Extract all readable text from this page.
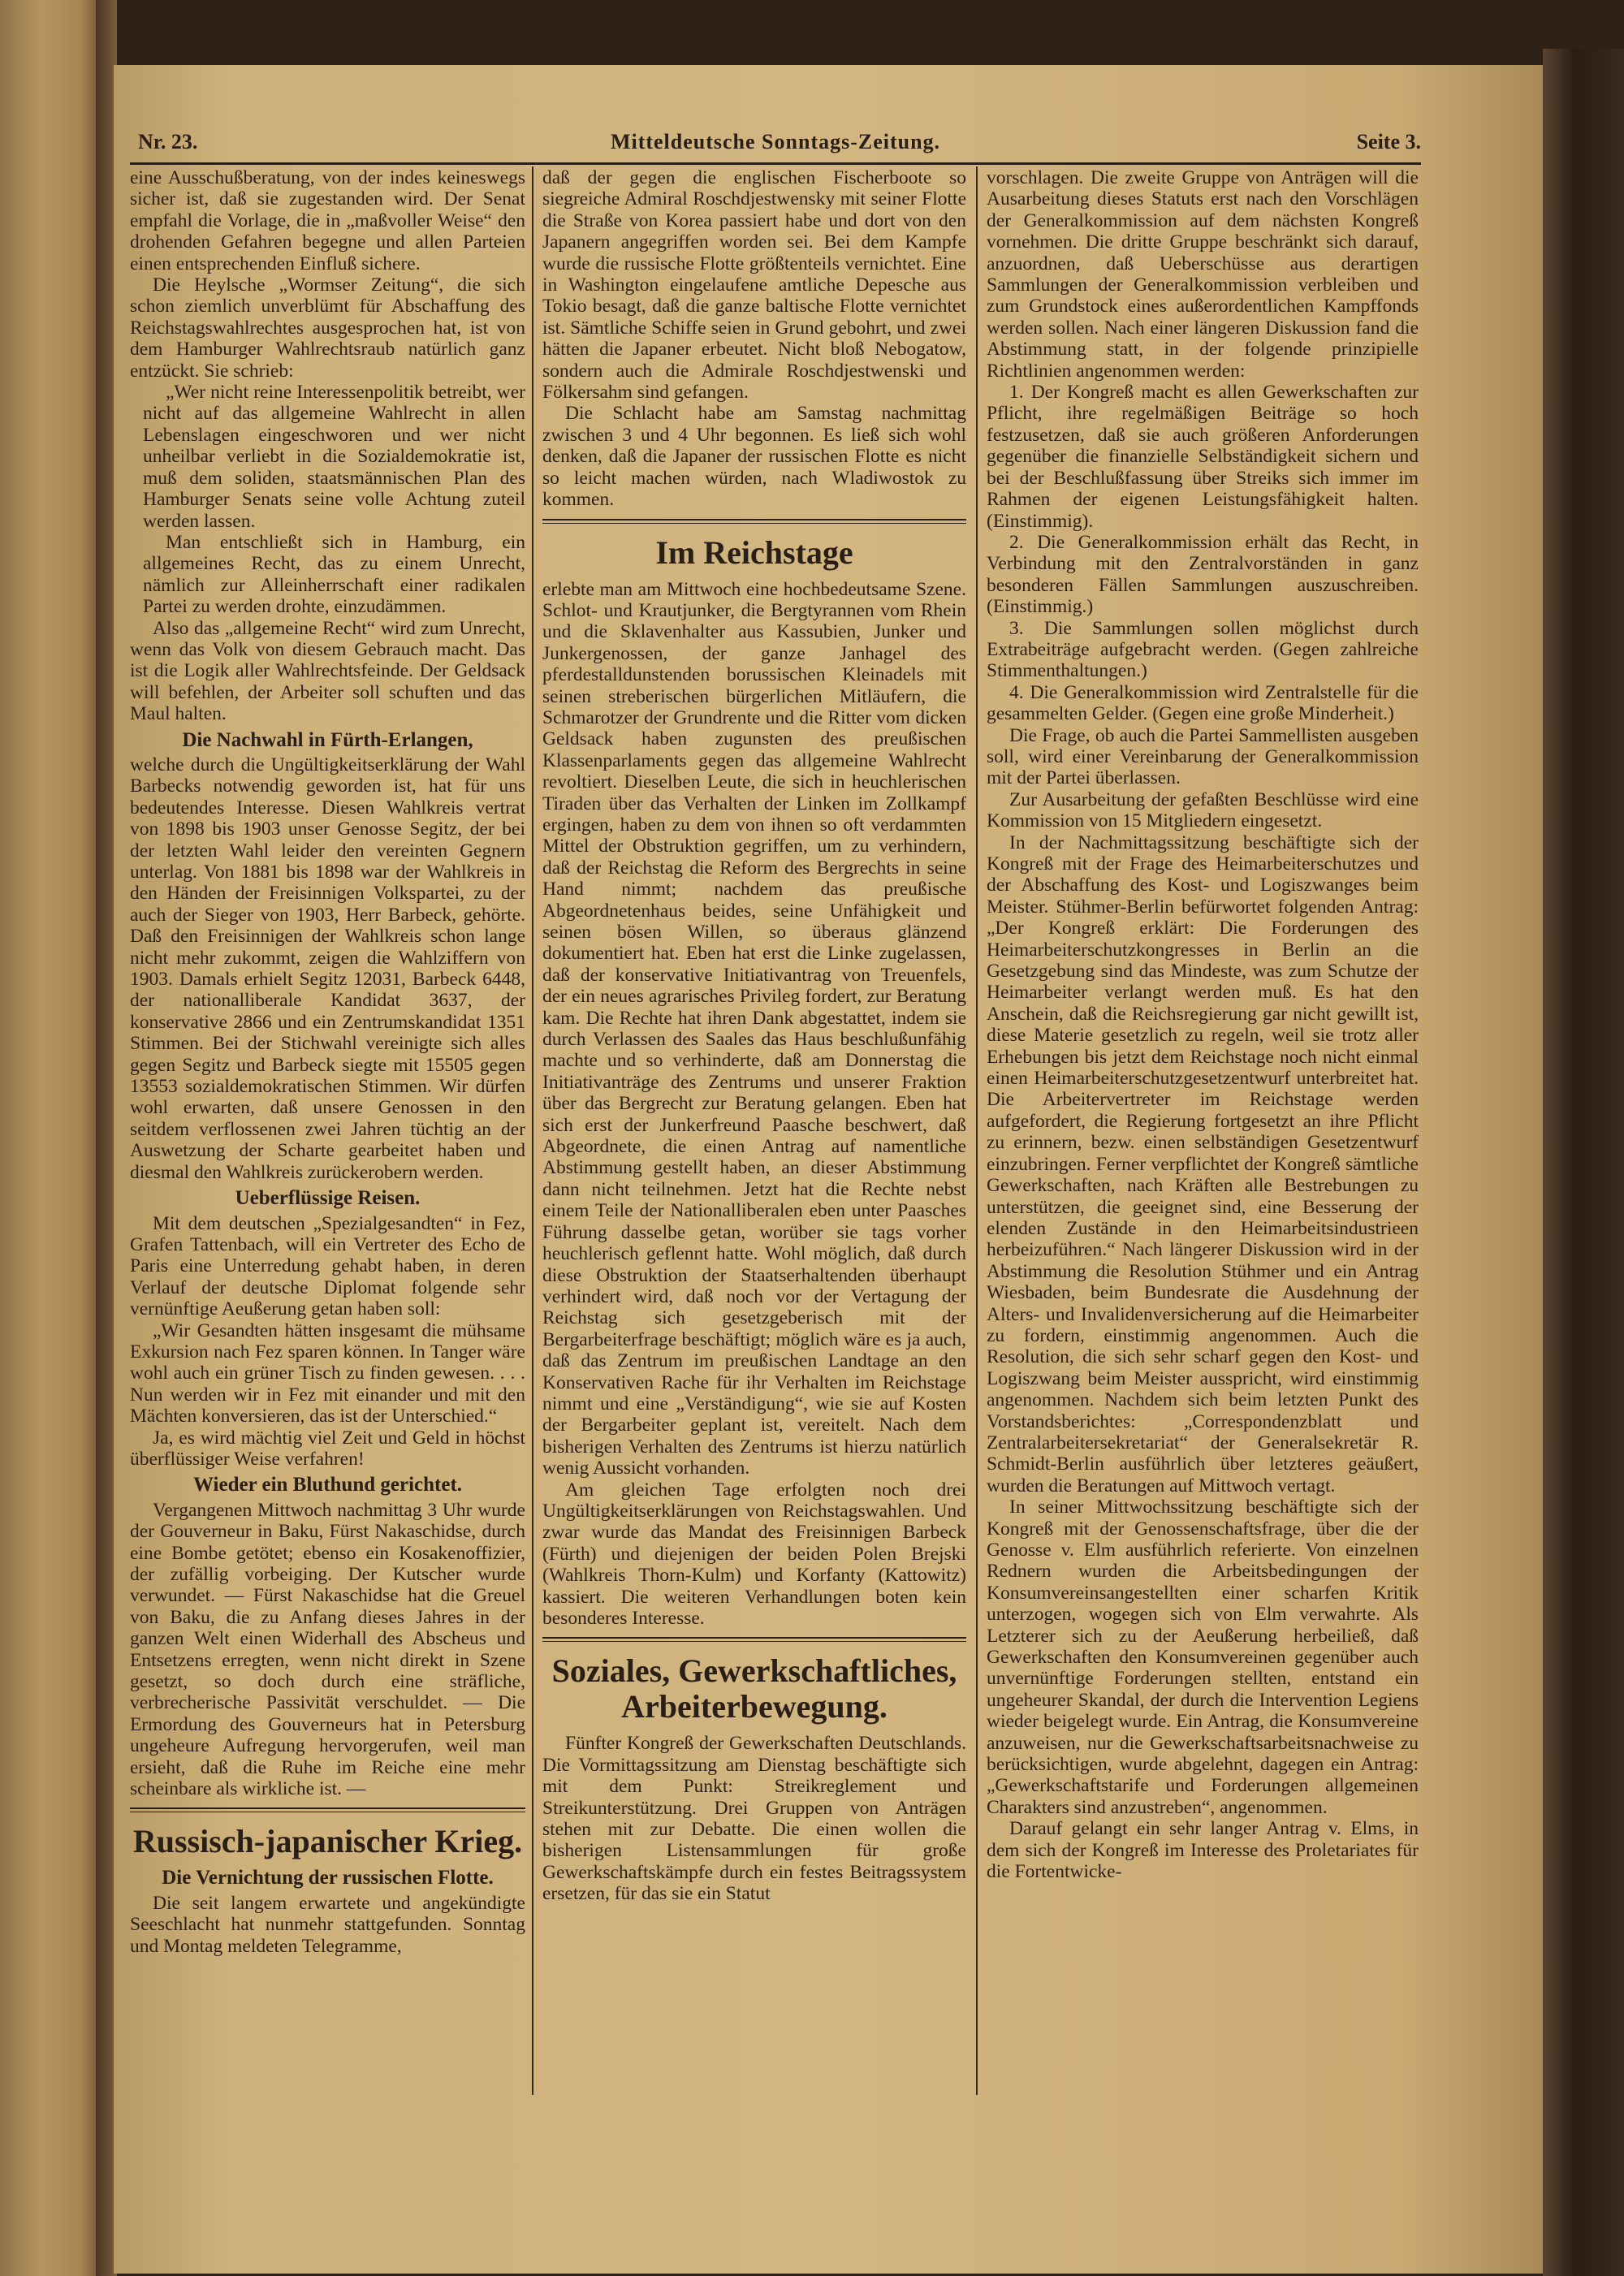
Nr. 23.	Mitteldeutsche Sonntags-Zeitung.	Seite 3.

eine Ausschußberatung, von der indes keineswegs sicher ist, daß sie zugestanden wird. Der Senat empfahl die Vorlage, die in „maßvoller Weise“ den drohenden Gefahren begegne und allen Parteien einen entsprechenden Einfluß sichere.

Die Heylsche „Wormser Zeitung“, die sich schon ziemlich unverblümt für Abschaffung des Reichstagswahlrechtes ausgesprochen hat, ist von dem Hamburger Wahlrechtsraub natürlich ganz entzückt. Sie schrieb:

„Wer nicht reine Interessenpolitik betreibt, wer nicht auf das allgemeine Wahlrecht in allen Lebenslagen eingeschworen und wer nicht unheilbar verliebt in die Sozialdemokratie ist, muß dem soliden, staatsmännischen Plan des Hamburger Senats seine volle Achtung zuteil werden lassen.

Man entschließt sich in Hamburg, ein allgemeines Recht, das zu einem Unrecht, nämlich zur Alleinherrschaft einer radikalen Partei zu werden drohte, einzudämmen.

Also das „allgemeine Recht“ wird zum Unrecht, wenn das Volk von diesem Gebrauch macht. Das ist die Logik aller Wahlrechtsfeinde. Der Geldsack will befehlen, der Arbeiter soll schuften und das Maul halten.

Die Nachwahl in Fürth-Erlangen,

welche durch die Ungültigkeitserklärung der Wahl Barbecks notwendig geworden ist, hat für uns bedeutendes Interesse. Diesen Wahlkreis vertrat von 1898 bis 1903 unser Genosse Segitz, der bei der letzten Wahl leider den vereinten Gegnern unterlag. Von 1881 bis 1898 war der Wahlkreis in den Händen der Freisinnigen Volkspartei, zu der auch der Sieger von 1903, Herr Barbeck, gehörte. Daß den Freisinnigen der Wahlkreis schon lange nicht mehr zukommt, zeigen die Wahlziffern von 1903. Damals erhielt Segitz 12031, Barbeck 6448, der nationalliberale Kandidat 3637, der konservative 2866 und ein Zentrumskandidat 1351 Stimmen. Bei der Stichwahl vereinigte sich alles gegen Segitz und Barbeck siegte mit 15505 gegen 13553 sozialdemokratischen Stimmen. Wir dürfen wohl erwarten, daß unsere Genossen in den seitdem verflossenen zwei Jahren tüchtig an der Auswetzung der Scharte gearbeitet haben und diesmal den Wahlkreis zurückerobern werden.

Ueberflüssige Reisen.

Mit dem deutschen „Spezialgesandten“ in Fez, Grafen Tattenbach, will ein Vertreter des Echo de Paris eine Unterredung gehabt haben, in deren Verlauf der deutsche Diplomat folgende sehr vernünftige Aeußerung getan haben soll:

„Wir Gesandten hätten insgesamt die mühsame Exkursion nach Fez sparen können. In Tanger wäre wohl auch ein grüner Tisch zu finden gewesen. . . . Nun werden wir in Fez mit einander und mit den Mächten konversieren, das ist der Unterschied.“

Ja, es wird mächtig viel Zeit und Geld in höchst überflüssiger Weise verfahren!

Wieder ein Bluthund gerichtet.

Vergangenen Mittwoch nachmittag 3 Uhr wurde der Gouverneur in Baku, Fürst Nakaschidse, durch eine Bombe getötet; ebenso ein Kosakenoffizier, der zufällig vorbeiging. Der Kutscher wurde verwundet. — Fürst Nakaschidse hat die Greuel von Baku, die zu Anfang dieses Jahres in der ganzen Welt einen Widerhall des Abscheus und Entsetzens erregten, wenn nicht direkt in Szene gesetzt, so doch durch eine sträfliche, verbrecherische Passivität verschuldet. — Die Ermordung des Gouverneurs hat in Petersburg ungeheure Aufregung hervorgerufen, weil man ersieht, daß die Ruhe im Reiche eine mehr scheinbare als wirkliche ist. —

Russisch-japanischer Krieg.
Die Vernichtung der russischen Flotte.

Die seit langem erwartete und angekündigte Seeschlacht hat nunmehr stattgefunden. Sonntag und Montag meldeten Telegramme,

daß der gegen die englischen Fischerboote so siegreiche Admiral Roschdjestwensky mit seiner Flotte die Straße von Korea passiert habe und dort von den Japanern angegriffen worden sei. Bei dem Kampfe wurde die russische Flotte größtenteils vernichtet. Eine in Washington eingelaufene amtliche Depesche aus Tokio besagt, daß die ganze baltische Flotte vernichtet ist. Sämtliche Schiffe seien in Grund gebohrt, und zwei hätten die Japaner erbeutet. Nicht bloß Nebogatow, sondern auch die Admirale Roschdjestwenski und Fölkersahm sind gefangen.

Die Schlacht habe am Samstag nachmittag zwischen 3 und 4 Uhr begonnen. Es ließ sich wohl denken, daß die Japaner der russischen Flotte es nicht so leicht machen würden, nach Wladiwostok zu kommen.

Im Reichstage

erlebte man am Mittwoch eine hochbedeutsame Szene. Schlot- und Krautjunker, die Bergtyrannen vom Rhein und die Sklavenhalter aus Kassubien, Junker und Junkergenossen, der ganze Janhagel des pferdestalldunstenden borussischen Kleinadels mit seinen streberischen bürgerlichen Mitläufern, die Schmarotzer der Grundrente und die Ritter vom dicken Geldsack haben zugunsten des preußischen Klassenparlaments gegen das allgemeine Wahlrecht revoltiert. Dieselben Leute, die sich in heuchlerischen Tiraden über das Verhalten der Linken im Zollkampf ergingen, haben zu dem von ihnen so oft verdammten Mittel der Obstruktion gegriffen, um zu verhindern, daß der Reichstag die Reform des Bergrechts in seine Hand nimmt; nachdem das preußische Abgeordnetenhaus beides, seine Unfähigkeit und seinen bösen Willen, so überaus glänzend dokumentiert hat. Eben hat erst die Linke zugelassen, daß der konservative Initiativantrag von Treuenfels, der ein neues agrarisches Privileg fordert, zur Beratung kam. Die Rechte hat ihren Dank abgestattet, indem sie durch Verlassen des Saales das Haus beschlußunfähig machte und so verhinderte, daß am Donnerstag die Initiativanträge des Zentrums und unserer Fraktion über das Bergrecht zur Beratung gelangen. Eben hat sich erst der Junkerfreund Paasche beschwert, daß Abgeordnete, die einen Antrag auf namentliche Abstimmung gestellt haben, an dieser Abstimmung dann nicht teilnehmen. Jetzt hat die Rechte nebst einem Teile der Nationalliberalen eben unter Paasches Führung dasselbe getan, worüber sie tags vorher heuchlerisch geflennt hatte. Wohl möglich, daß durch diese Obstruktion der Staatserhaltenden überhaupt verhindert wird, daß noch vor der Vertagung der Reichstag sich gesetzgeberisch mit der Bergarbeiterfrage beschäftigt; möglich wäre es ja auch, daß das Zentrum im preußischen Landtage an den Konservativen Rache für ihr Verhalten im Reichstage nimmt und eine „Verständigung“, wie sie auf Kosten der Bergarbeiter geplant ist, vereitelt. Nach dem bisherigen Verhalten des Zentrums ist hierzu natürlich wenig Aussicht vorhanden.

Am gleichen Tage erfolgten noch drei Ungültigkeitserklärungen von Reichstagswahlen. Und zwar wurde das Mandat des Freisinnigen Barbeck (Fürth) und diejenigen der beiden Polen Brejski (Wahlkreis Thorn-Kulm) und Korfanty (Kattowitz) kassiert. Die weiteren Verhandlungen boten kein besonderes Interesse.

Soziales, Gewerkschaftliches, Arbeiterbewegung.

Fünfter Kongreß der Gewerkschaften Deutschlands. Die Vormittagssitzung am Dienstag beschäftigte sich mit dem Punkt: Streikreglement und Streikunterstützung. Drei Gruppen von Anträgen stehen mit zur Debatte. Die einen wollen die bisherigen Listensammlungen für große Gewerkschaftskämpfe durch ein festes Beitragssystem ersetzen, für das sie ein Statut

vorschlagen. Die zweite Gruppe von Anträgen will die Ausarbeitung dieses Statuts erst nach den Vorschlägen der Generalkommission auf dem nächsten Kongreß vornehmen. Die dritte Gruppe beschränkt sich darauf, anzuordnen, daß Ueberschüsse aus derartigen Sammlungen der Generalkommission verbleiben und zum Grundstock eines außerordentlichen Kampffonds werden sollen. Nach einer längeren Diskussion fand die Abstimmung statt, in der folgende prinzipielle Richtlinien angenommen werden:

1. Der Kongreß macht es allen Gewerkschaften zur Pflicht, ihre regelmäßigen Beiträge so hoch festzusetzen, daß sie auch größeren Anforderungen gegenüber die finanzielle Selbständigkeit sichern und bei der Beschlußfassung über Streiks sich immer im Rahmen der eigenen Leistungsfähigkeit halten. (Einstimmig).

2. Die Generalkommission erhält das Recht, in Verbindung mit den Zentralvorständen in ganz besonderen Fällen Sammlungen auszuschreiben. (Einstimmig.)

3. Die Sammlungen sollen möglichst durch Extrabeiträge aufgebracht werden. (Gegen zahlreiche Stimmenthaltungen.)

4. Die Generalkommission wird Zentralstelle für die gesammelten Gelder. (Gegen eine große Minderheit.)

Die Frage, ob auch die Partei Sammellisten ausgeben soll, wird einer Vereinbarung der Generalkommission mit der Partei überlassen.

Zur Ausarbeitung der gefaßten Beschlüsse wird eine Kommission von 15 Mitgliedern eingesetzt.

In der Nachmittagssitzung beschäftigte sich der Kongreß mit der Frage des Heimarbeiterschutzes und der Abschaffung des Kost- und Logiszwanges beim Meister. Stühmer-Berlin befürwortet folgenden Antrag: „Der Kongreß erklärt: Die Forderungen des Heimarbeiterschutzkongresses in Berlin an die Gesetzgebung sind das Mindeste, was zum Schutze der Heimarbeiter verlangt werden muß. Es hat den Anschein, daß die Reichsregierung gar nicht gewillt ist, diese Materie gesetzlich zu regeln, weil sie trotz aller Erhebungen bis jetzt dem Reichstage noch nicht einmal einen Heimarbeiterschutzgesetzentwurf unterbreitet hat. Die Arbeitervertreter im Reichstage werden aufgefordert, die Regierung fortgesetzt an ihre Pflicht zu erinnern, bezw. einen selbständigen Gesetzentwurf einzubringen. Ferner verpflichtet der Kongreß sämtliche Gewerkschaften, nach Kräften alle Bestrebungen zu unterstützen, die geeignet sind, eine Besserung der elenden Zustände in den Heimarbeitsindustrieen herbeizuführen.“ Nach längerer Diskussion wird in der Abstimmung die Resolution Stühmer und ein Antrag Wiesbaden, beim Bundesrate die Ausdehnung der Alters- und Invalidenversicherung auf die Heimarbeiter zu fordern, einstimmig angenommen. Auch die Resolution, die sich sehr scharf gegen den Kost- und Logiszwang beim Meister ausspricht, wird einstimmig angenommen. Nachdem sich beim letzten Punkt des Vorstandsberichtes: „Correspondenzblatt und Zentralarbeitersekretariat“ der Generalsekretär R. Schmidt-Berlin ausführlich über letzteres geäußert, wurden die Beratungen auf Mittwoch vertagt.

In seiner Mittwochssitzung beschäftigte sich der Kongreß mit der Genossenschaftsfrage, über die der Genosse v. Elm ausführlich referierte. Von einzelnen Rednern wurden die Arbeitsbedingungen der Konsumvereinsangestellten einer scharfen Kritik unterzogen, wogegen sich von Elm verwahrte. Als Letzterer sich zu der Aeußerung herbeiließ, daß Gewerkschaften den Konsumvereinen gegenüber auch unvernünftige Forderungen stellten, entstand ein ungeheurer Skandal, der durch die Intervention Legiens wieder beigelegt wurde. Ein Antrag, die Konsumvereine anzuweisen, nur die Gewerkschaftsarbeitsnachweise zu berücksichtigen, wurde abgelehnt, dagegen ein Antrag: „Gewerkschaftstarife und Forderungen allgemeinen Charakters sind anzustreben“, angenommen.

Darauf gelangt ein sehr langer Antrag v. Elms, in dem sich der Kongreß im Interesse des Proletariates für die Fortentwicke-
